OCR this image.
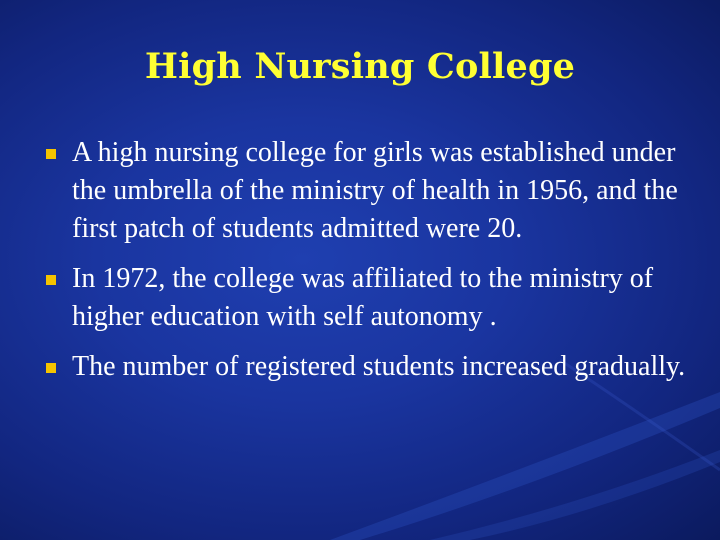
High Nursing College
A high nursing college for girls was established under the umbrella of the ministry of health in 1956, and the first patch of students admitted were 20.
In 1972, the college was affiliated to the ministry of higher education with self autonomy .
The number of registered students increased gradually.
